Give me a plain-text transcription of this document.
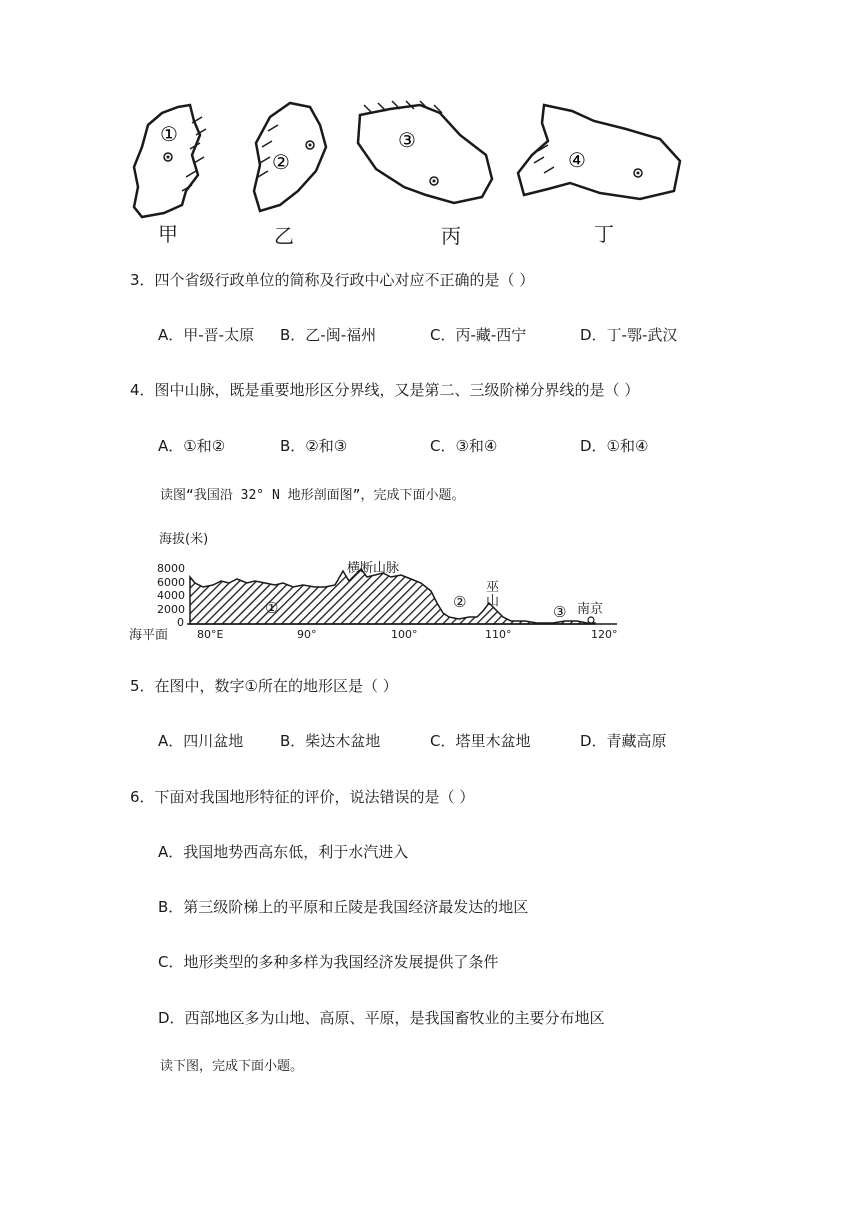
①
②
③
④
甲	乙	丙	丁
3．四个省级行政单位的简称及行政中心对应不正确的是（ ）
A．甲-晋-太原 B．乙-闽-福州	C．丙-藏-西宁	D．丁-鄂-武汉
4．图中山脉，既是重要地形区分界线，又是第二、三级阶梯分界线的是（ ）
A．①和②	B．②和③	C．③和④	D．①和④
读图“我国沿 32° N 地形剖面图”，完成下面小题。
海拔(米)
8000
6000
4000
2000
0
横断山脉
巫
山
南京
①	②
③
海平面	80°E	90°	100°	110°	120°
5．在图中，数字①所在的地形区是（ ）
A．四川盆地 B．柴达木盆地	C．塔里木盆地	D．青藏高原
6．下面对我国地形特征的评价，说法错误的是（ ）
A．我国地势西高东低，利于水汽进入
B．第三级阶梯上的平原和丘陵是我国经济最发达的地区
C．地形类型的多种多样为我国经济发展提供了条件
D．西部地区多为山地、高原、平原，是我国畜牧业的主要分布地区
读下图，完成下面小题。
